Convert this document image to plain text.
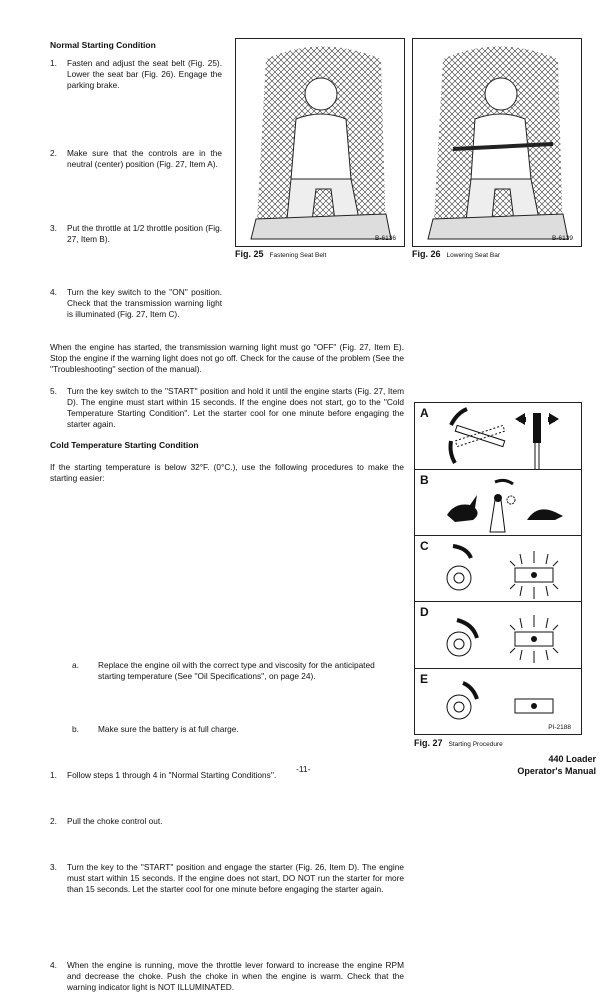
Normal Starting Condition
1. Fasten and adjust the seat belt (Fig. 25). Lower the seat bar (Fig. 26). Engage the parking brake.
2. Make sure that the controls are in the neutral (center) position (Fig. 27, Item A).
3. Put the throttle at 1/2 throttle position (Fig. 27, Item B).
4. Turn the key switch to the ''ON'' position. Check that the transmission warning light is illuminated (Fig. 27, Item C).
5. Turn the key switch to the ''START'' position and hold it until the engine starts (Fig. 27, Item D). The engine must start within 15 seconds. If the engine does not start, go to the ''Cold Temperature Starting Condition''. Let the starter cool for one minute before engaging the starter again.
When the engine has started, the transmission warning light must go ''OFF'' (Fig. 27, Item E). Stop the engine if the warning light does not go off. Check for the cause of the problem (See the ''Troubleshooting'' section of the manual).
Cold Temperature Starting Condition
If the starting temperature is below 32°F. (0°C.), use the following procedures to make the starting easier:
a. Replace the engine oil with the correct type and viscosity for the anticipated starting temperature (See ''Oil Specifications'', on page 24).
b. Make sure the battery is at full charge.
1. Follow steps 1 through 4 in ''Normal Starting Conditions''.
2. Pull the choke control out.
3. Turn the key to the ''START'' position and engage the starter (Fig. 26, Item D). The engine must start within 15 seconds. If the engine does not start, DO NOT run the starter for more than 15 seconds. Let the starter cool for one minute before engaging the starter again.
4. When the engine is running, move the throttle lever forward to increase the engine RPM and decrease the choke. Push the choke in when the engine is warm. Check that the warning indicator light is NOT ILLUMINATED.
B-6136
Fig. 25 Fastening Seat Belt
B-6139
Fig. 26 Lowering Seat Bar
A
B
C
D
E
PI-2188
Fig. 27 Starting Procedure
-11-
440 Loader
Operator's Manual
